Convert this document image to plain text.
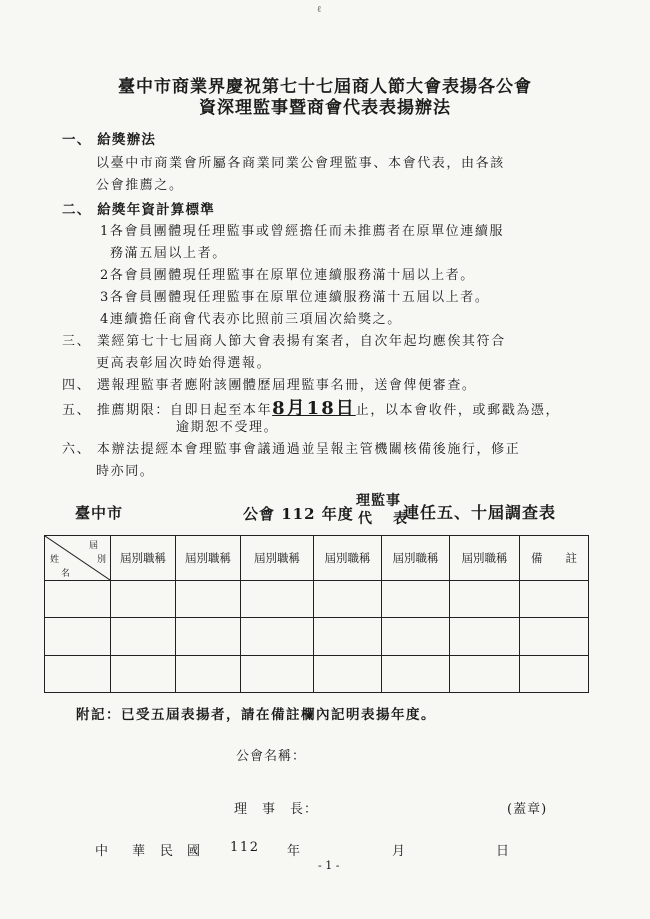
ℓ
臺中市商業界慶祝第七十七屆商人節大會表揚各公會
資深理監事暨商會代表表揚辦法
一、 給獎辦法
以臺中市商業會所屬各商業同業公會理監事、本會代表，由各該
公會推薦之。
二、 給獎年資計算標準
1各會員團體現任理監事或曾經擔任而未推薦者在原單位連續服
務滿五屆以上者。
2各會員團體現任理監事在原單位連續服務滿十屆以上者。
3各會員團體現任理監事在原單位連續服務滿十五屆以上者。
4連續擔任商會代表亦比照前三項屆次給獎之。
三、 業經第七十七屆商人節大會表揚有案者，自次年起均應俟其符合
更高表彰屆次時始得選報。
四、 選報理監事者應附該團體歷屆理監事名冊，送會俾便審查。
五、 推薦期限：自即日起至本年8月18日止，以本會收件，或郵戳為憑，
逾期恕不受理。
六、 本辦法提經本會理監事會議通過並呈報主管機關核備後施行，修正
時亦同。
臺中市	公會 112 年度
理監事
代 表
連任五、十屆調查表
屆
別
姓
名	屆別職稱	屆別職稱	屆別職稱	屆別職稱	屆別職稱	屆別職稱	備　　註

附記：已受五屆表揚者，請在備註欄內記明表揚年度。
公會名稱：
理　事　長：	(蓋章)
中 華 民 國 112 年	月	日
- 1 -
